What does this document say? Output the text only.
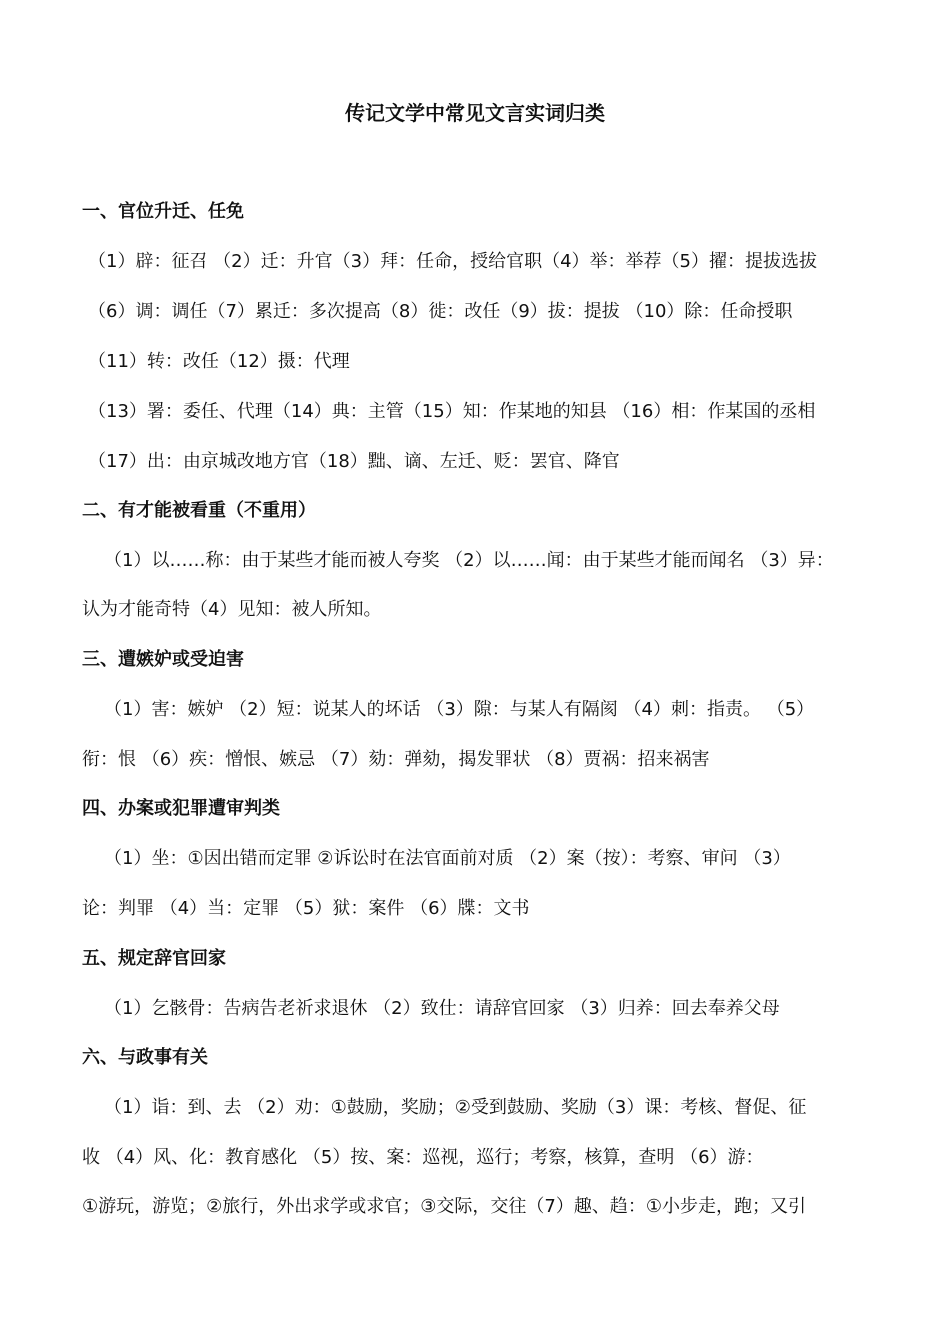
传记文学中常见文言实词归类
一、官位升迁、任免
（1）辟：征召 （2）迁：升官（3）拜：任命，授给官职（4）举：举荐（5）擢：提拔选拔
（6）调：调任（7）累迁：多次提高（8）徙：改任（9）拔：提拔 （10）除：任命授职
（11）转：改任（12）摄：代理
（13）署：委任、代理（14）典：主管（15）知：作某地的知县 （16）相：作某国的丞相
（17）出：由京城改地方官（18）黜、谪、左迁、贬：罢官、降官
二、有才能被看重（不重用）
（1）以……称：由于某些才能而被人夸奖 （2）以……闻：由于某些才能而闻名 （3）异：
认为才能奇特（4）见知：被人所知。
三、遭嫉妒或受迫害
（1）害：嫉妒 （2）短：说某人的坏话 （3）隙：与某人有隔阂 （4）刺：指责。 （5）
衔：恨 （6）疾：憎恨、嫉忌 （7）劾：弹劾，揭发罪状 （8）贾祸：招来祸害
四、办案或犯罪遭审判类
（1）坐：①因出错而定罪 ②诉讼时在法官面前对质 （2）案（按）：考察、审问 （3）
论：判罪 （4）当：定罪 （5）狱：案件 （6）牒：文书
五、规定辞官回家
（1）乞骸骨：告病告老祈求退休 （2）致仕：请辞官回家 （3）归养：回去奉养父母
六、与政事有关
（1）诣：到、去 （2）劝：①鼓励，奖励；②受到鼓励、奖励（3）课：考核、督促、征
收 （4）风、化：教育感化 （5）按、案：巡视，巡行；考察，核算，查明 （6）游：
①游玩，游览；②旅行，外出求学或求官；③交际，交往（7）趣、趋：①小步走，跑；又引
